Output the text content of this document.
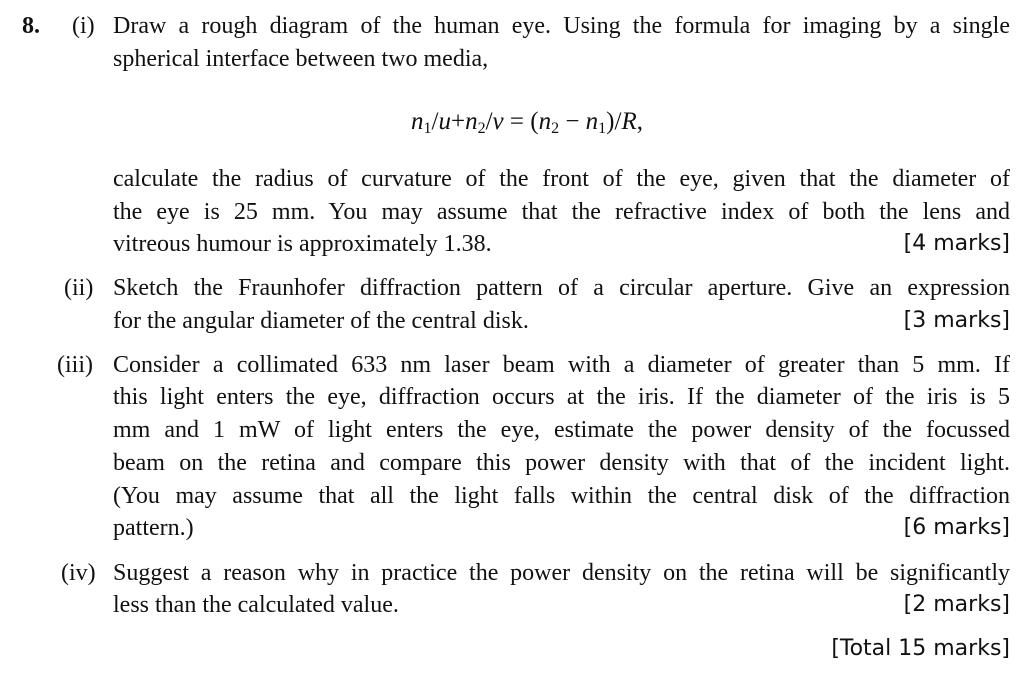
8. (i) Draw a rough diagram of the human eye. Using the formula for imaging by a single
spherical interface between two media,
$n_1/u+n_2/v = (n_2 - n_1)/R$,
calculate the radius of curvature of the front of the eye, given that the diameter of
the eye is 25 mm. You may assume that the refractive index of both the lens and
vitreous humour is approximately 1.38.	[4 marks]
(ii) Sketch the Fraunhofer diffraction pattern of a circular aperture. Give an expression
for the angular diameter of the central disk.	[3 marks]
(iii) Consider a collimated 633 nm laser beam with a diameter of greater than 5 mm. If
this light enters the eye, diffraction occurs at the iris. If the diameter of the iris is 5
mm and 1 mW of light enters the eye, estimate the power density of the focussed
beam on the retina and compare this power density with that of the incident light.
(You may assume that all the light falls within the central disk of the diffraction
pattern.)	[6 marks]
(iv) Suggest a reason why in practice the power density on the retina will be significantly
less than the calculated value.	[2 marks]
[Total 15 marks]
